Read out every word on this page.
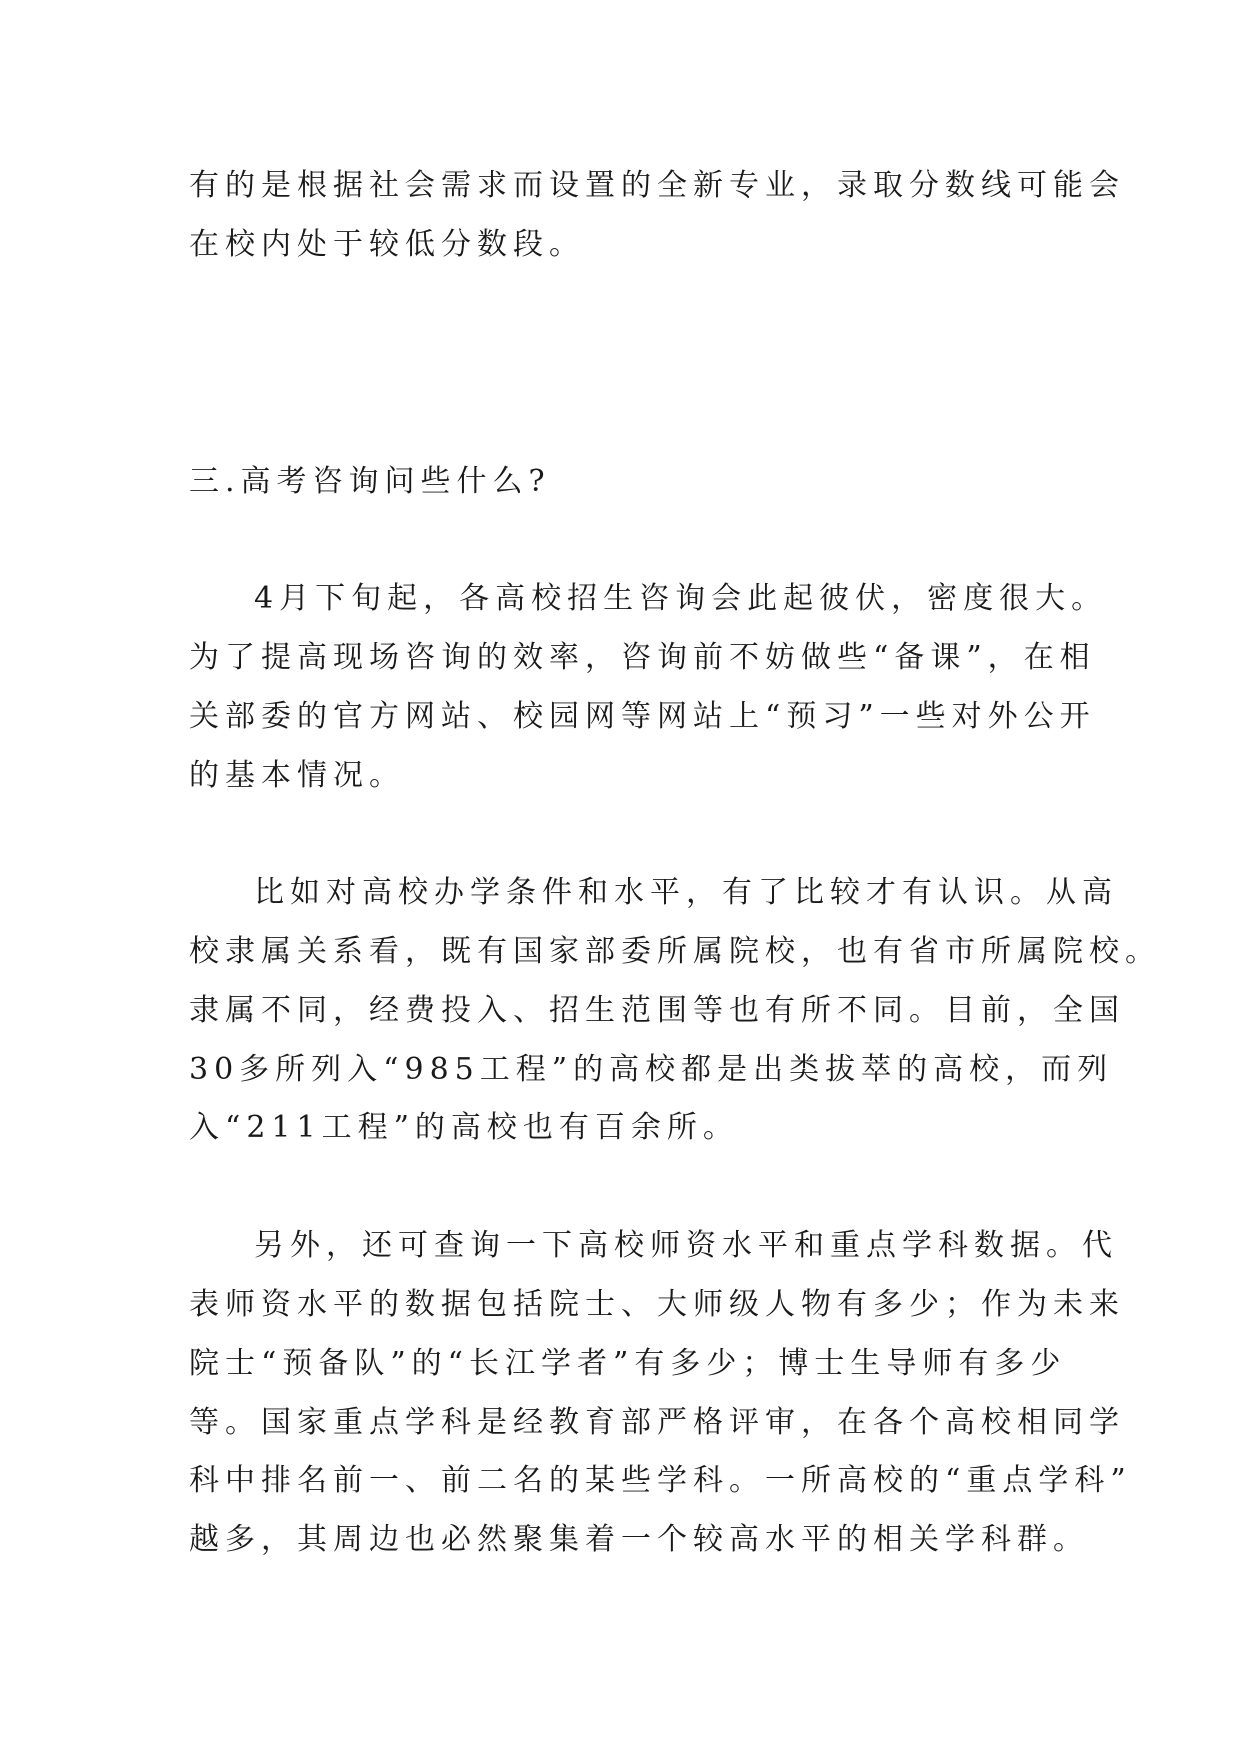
有的是根据社会需求而设置的全新专业，录取分数线可能会
在校内处于较低分数段。
三.高考咨询问些什么?
4月下旬起，各高校招生咨询会此起彼伏，密度很大。
为了提高现场咨询的效率，咨询前不妨做些“备课”，在相
关部委的官方网站、校园网等网站上“预习”一些对外公开
的基本情况。
比如对高校办学条件和水平，有了比较才有认识。从高
校隶属关系看，既有国家部委所属院校，也有省市所属院校。
隶属不同，经费投入、招生范围等也有所不同。目前，全国
30多所列入“985工程”的高校都是出类拔萃的高校，而列
入“211工程”的高校也有百余所。
另外，还可查询一下高校师资水平和重点学科数据。代
表师资水平的数据包括院士、大师级人物有多少；作为未来
院士“预备队”的“长江学者”有多少；博士生导师有多少
等。国家重点学科是经教育部严格评审，在各个高校相同学
科中排名前一、前二名的某些学科。一所高校的“重点学科”
越多，其周边也必然聚集着一个较高水平的相关学科群。
